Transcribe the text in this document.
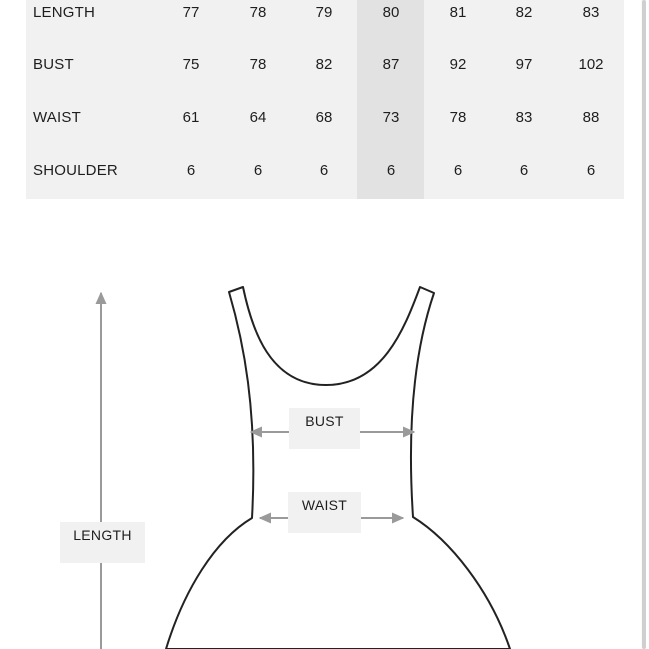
LENGTH	77	78	79	80	81	82	83
BUST	75	78	82	87	92	97	102
WAIST	61	64	68	73	78	83	88
SHOULDER	6	6	6	6	6	6	6
BUST
WAIST
LENGTH
